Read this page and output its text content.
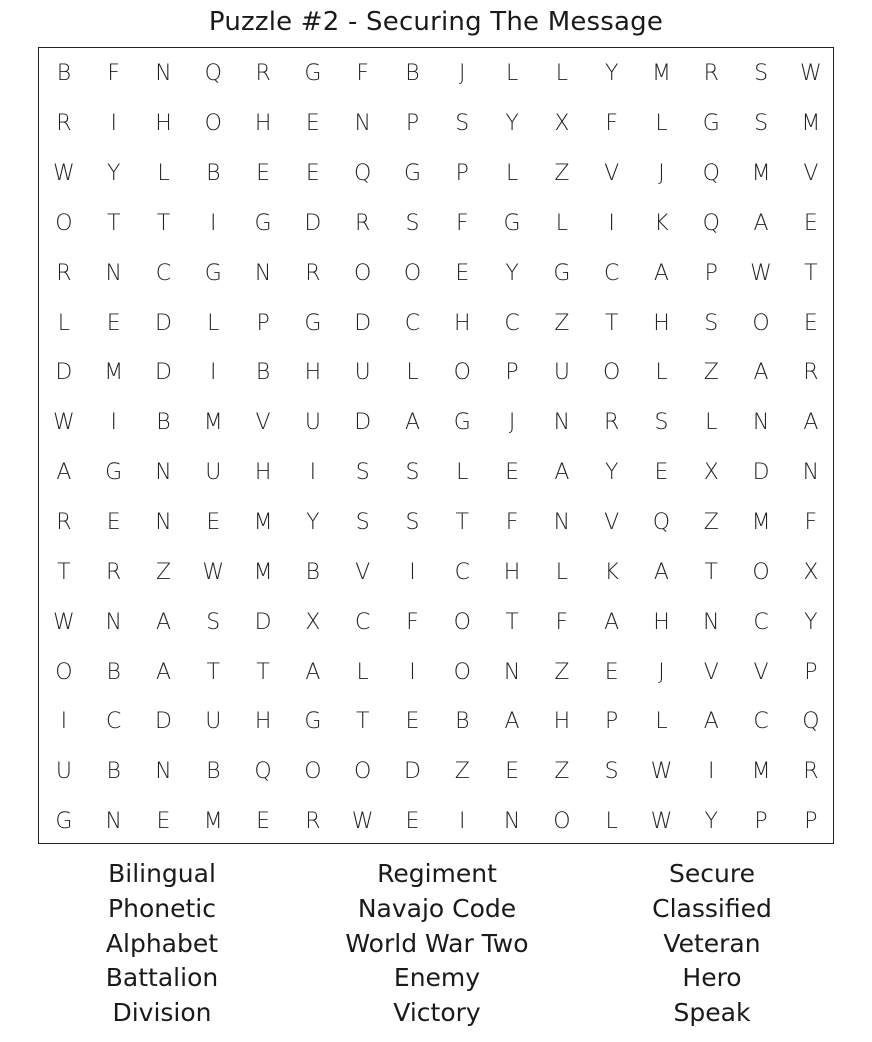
Puzzle #2 - Securing The Message
B	F	N	Q	R	G	F	B	J	L	L	Y	M	R	S	W
R	I	H	O	H	E	N	P	S	Y	X	F	L	G	S	M
W	Y	L	B	E	E	Q	G	P	L	Z	V	J	Q	M	V
O	T	T	I	G	D	R	S	F	G	L	I	K	Q	A	E
R	N	C	G	N	R	O	O	E	Y	G	C	A	P	W	T
L	E	D	L	P	G	D	C	H	C	Z	T	H	S	O	E
D	M	D	I	B	H	U	L	O	P	U	O	L	Z	A	R
W	I	B	M	V	U	D	A	G	J	N	R	S	L	N	A
A	G	N	U	H	I	S	S	L	E	A	Y	E	X	D	N
R	E	N	E	M	Y	S	S	T	F	N	V	Q	Z	M	F
T	R	Z	W	M	B	V	I	C	H	L	K	A	T	O	X
W	N	A	S	D	X	C	F	O	T	F	A	H	N	C	Y
O	B	A	T	T	A	L	I	O	N	Z	E	J	V	V	P
I	C	D	U	H	G	T	E	B	A	H	P	L	A	C	Q
U	B	N	B	Q	O	O	D	Z	E	Z	S	W	I	M	R
G	N	E	M	E	R	W	E	I	N	O	L	W	Y	P	P
Bilingual
Phonetic
Alphabet
Battalion
Division
Regiment
Navajo Code
World War Two
Enemy
Victory
Secure
Classified
Veteran
Hero
Speak
